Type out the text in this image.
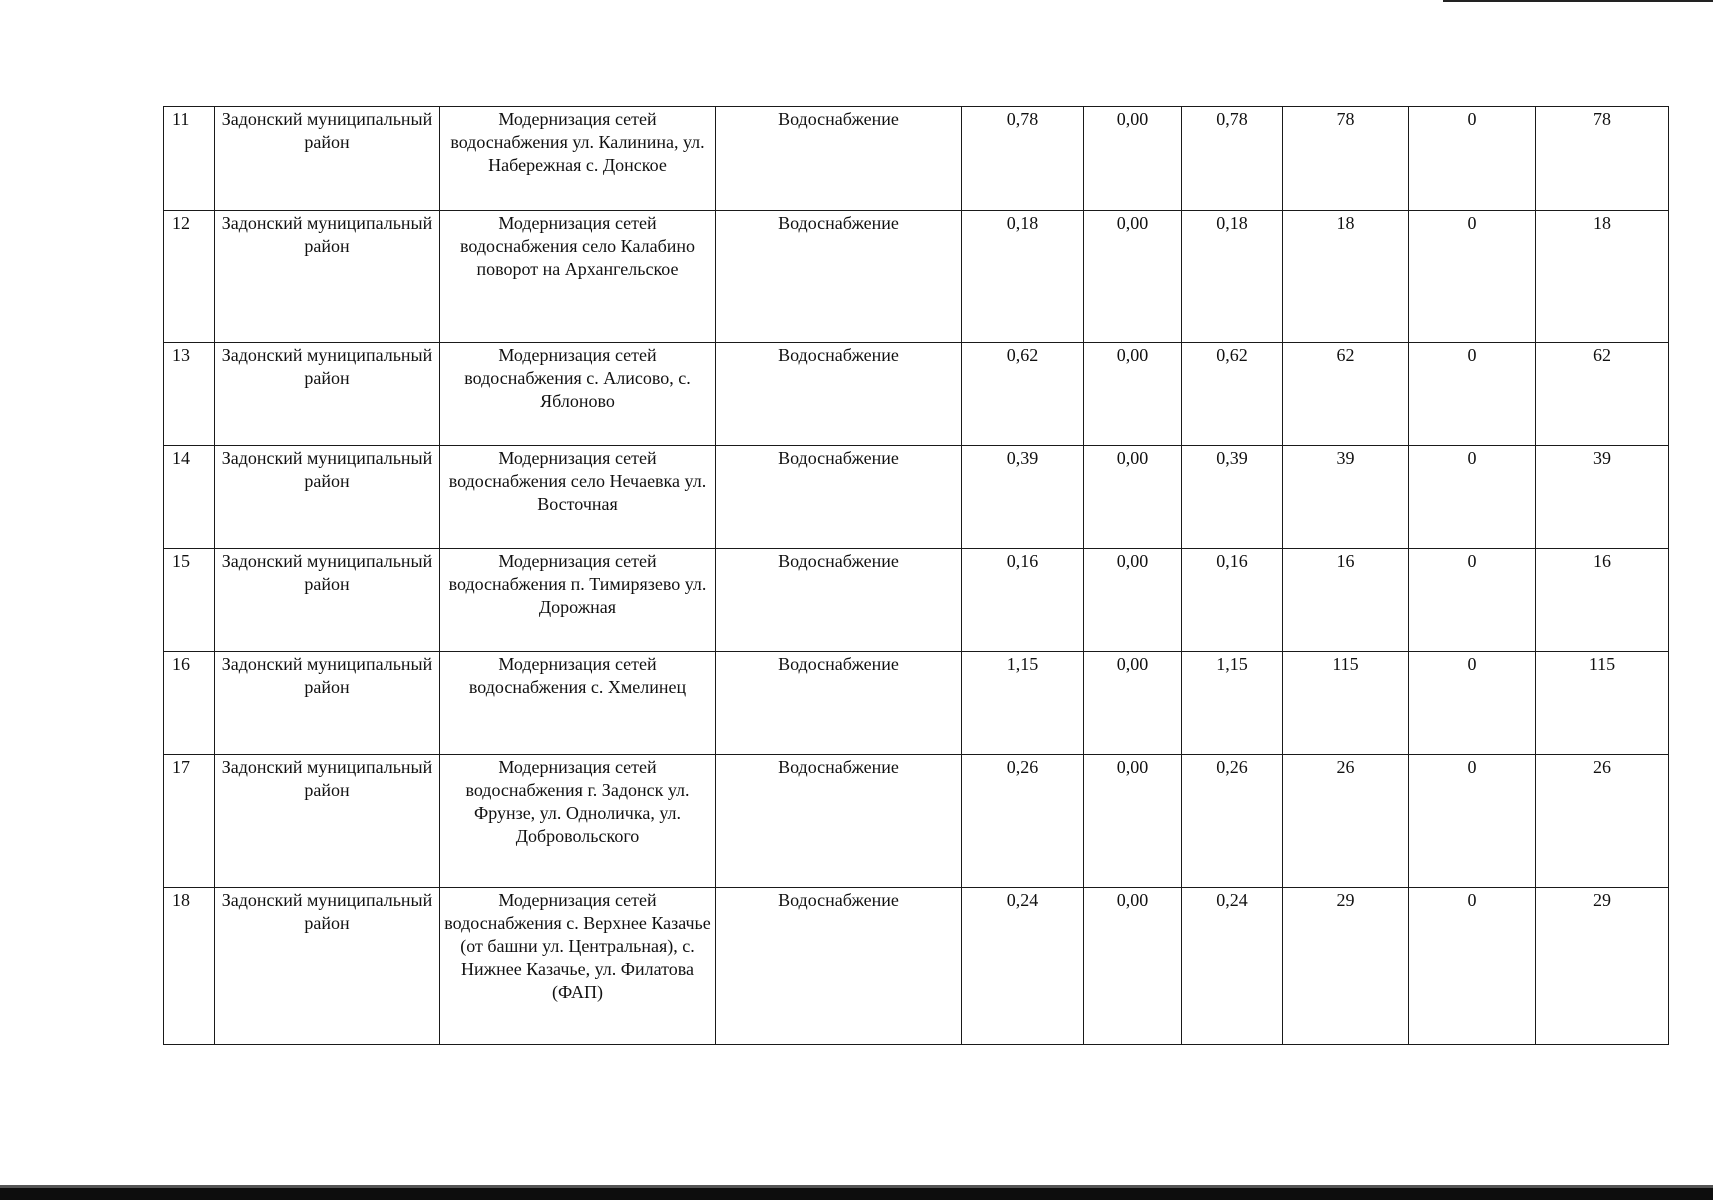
11	Задонский муниципальный район	Модернизация сетей водоснабжения ул. Калинина, ул. Набережная с. Донское	Водоснабжение	0,78	0,00	0,78	78	0	78
12	Задонский муниципальный район	Модернизация сетей водоснабжения село Калабино поворот на Архангельское	Водоснабжение	0,18	0,00	0,18	18	0	18
13	Задонский муниципальный район	Модернизация сетей водоснабжения с. Алисово, с. Яблоново	Водоснабжение	0,62	0,00	0,62	62	0	62
14	Задонский муниципальный район	Модернизация сетей водоснабжения село Нечаевка ул. Восточная	Водоснабжение	0,39	0,00	0,39	39	0	39
15	Задонский муниципальный район	Модернизация сетей водоснабжения п. Тимирязево ул. Дорожная	Водоснабжение	0,16	0,00	0,16	16	0	16
16	Задонский муниципальный район	Модернизация сетей водоснабжения с. Хмелинец	Водоснабжение	1,15	0,00	1,15	115	0	115
17	Задонский муниципальный район	Модернизация сетей водоснабжения г. Задонск ул. Фрунзе, ул. Одноличка, ул. Добровольского	Водоснабжение	0,26	0,00	0,26	26	0	26
18	Задонский муниципальный район	Модернизация сетей водоснабжения с. Верхнее Казачье (от башни ул. Центральная), с. Нижнее Казачье, ул. Филатова (ФАП)	Водоснабжение	0,24	0,00	0,24	29	0	29
